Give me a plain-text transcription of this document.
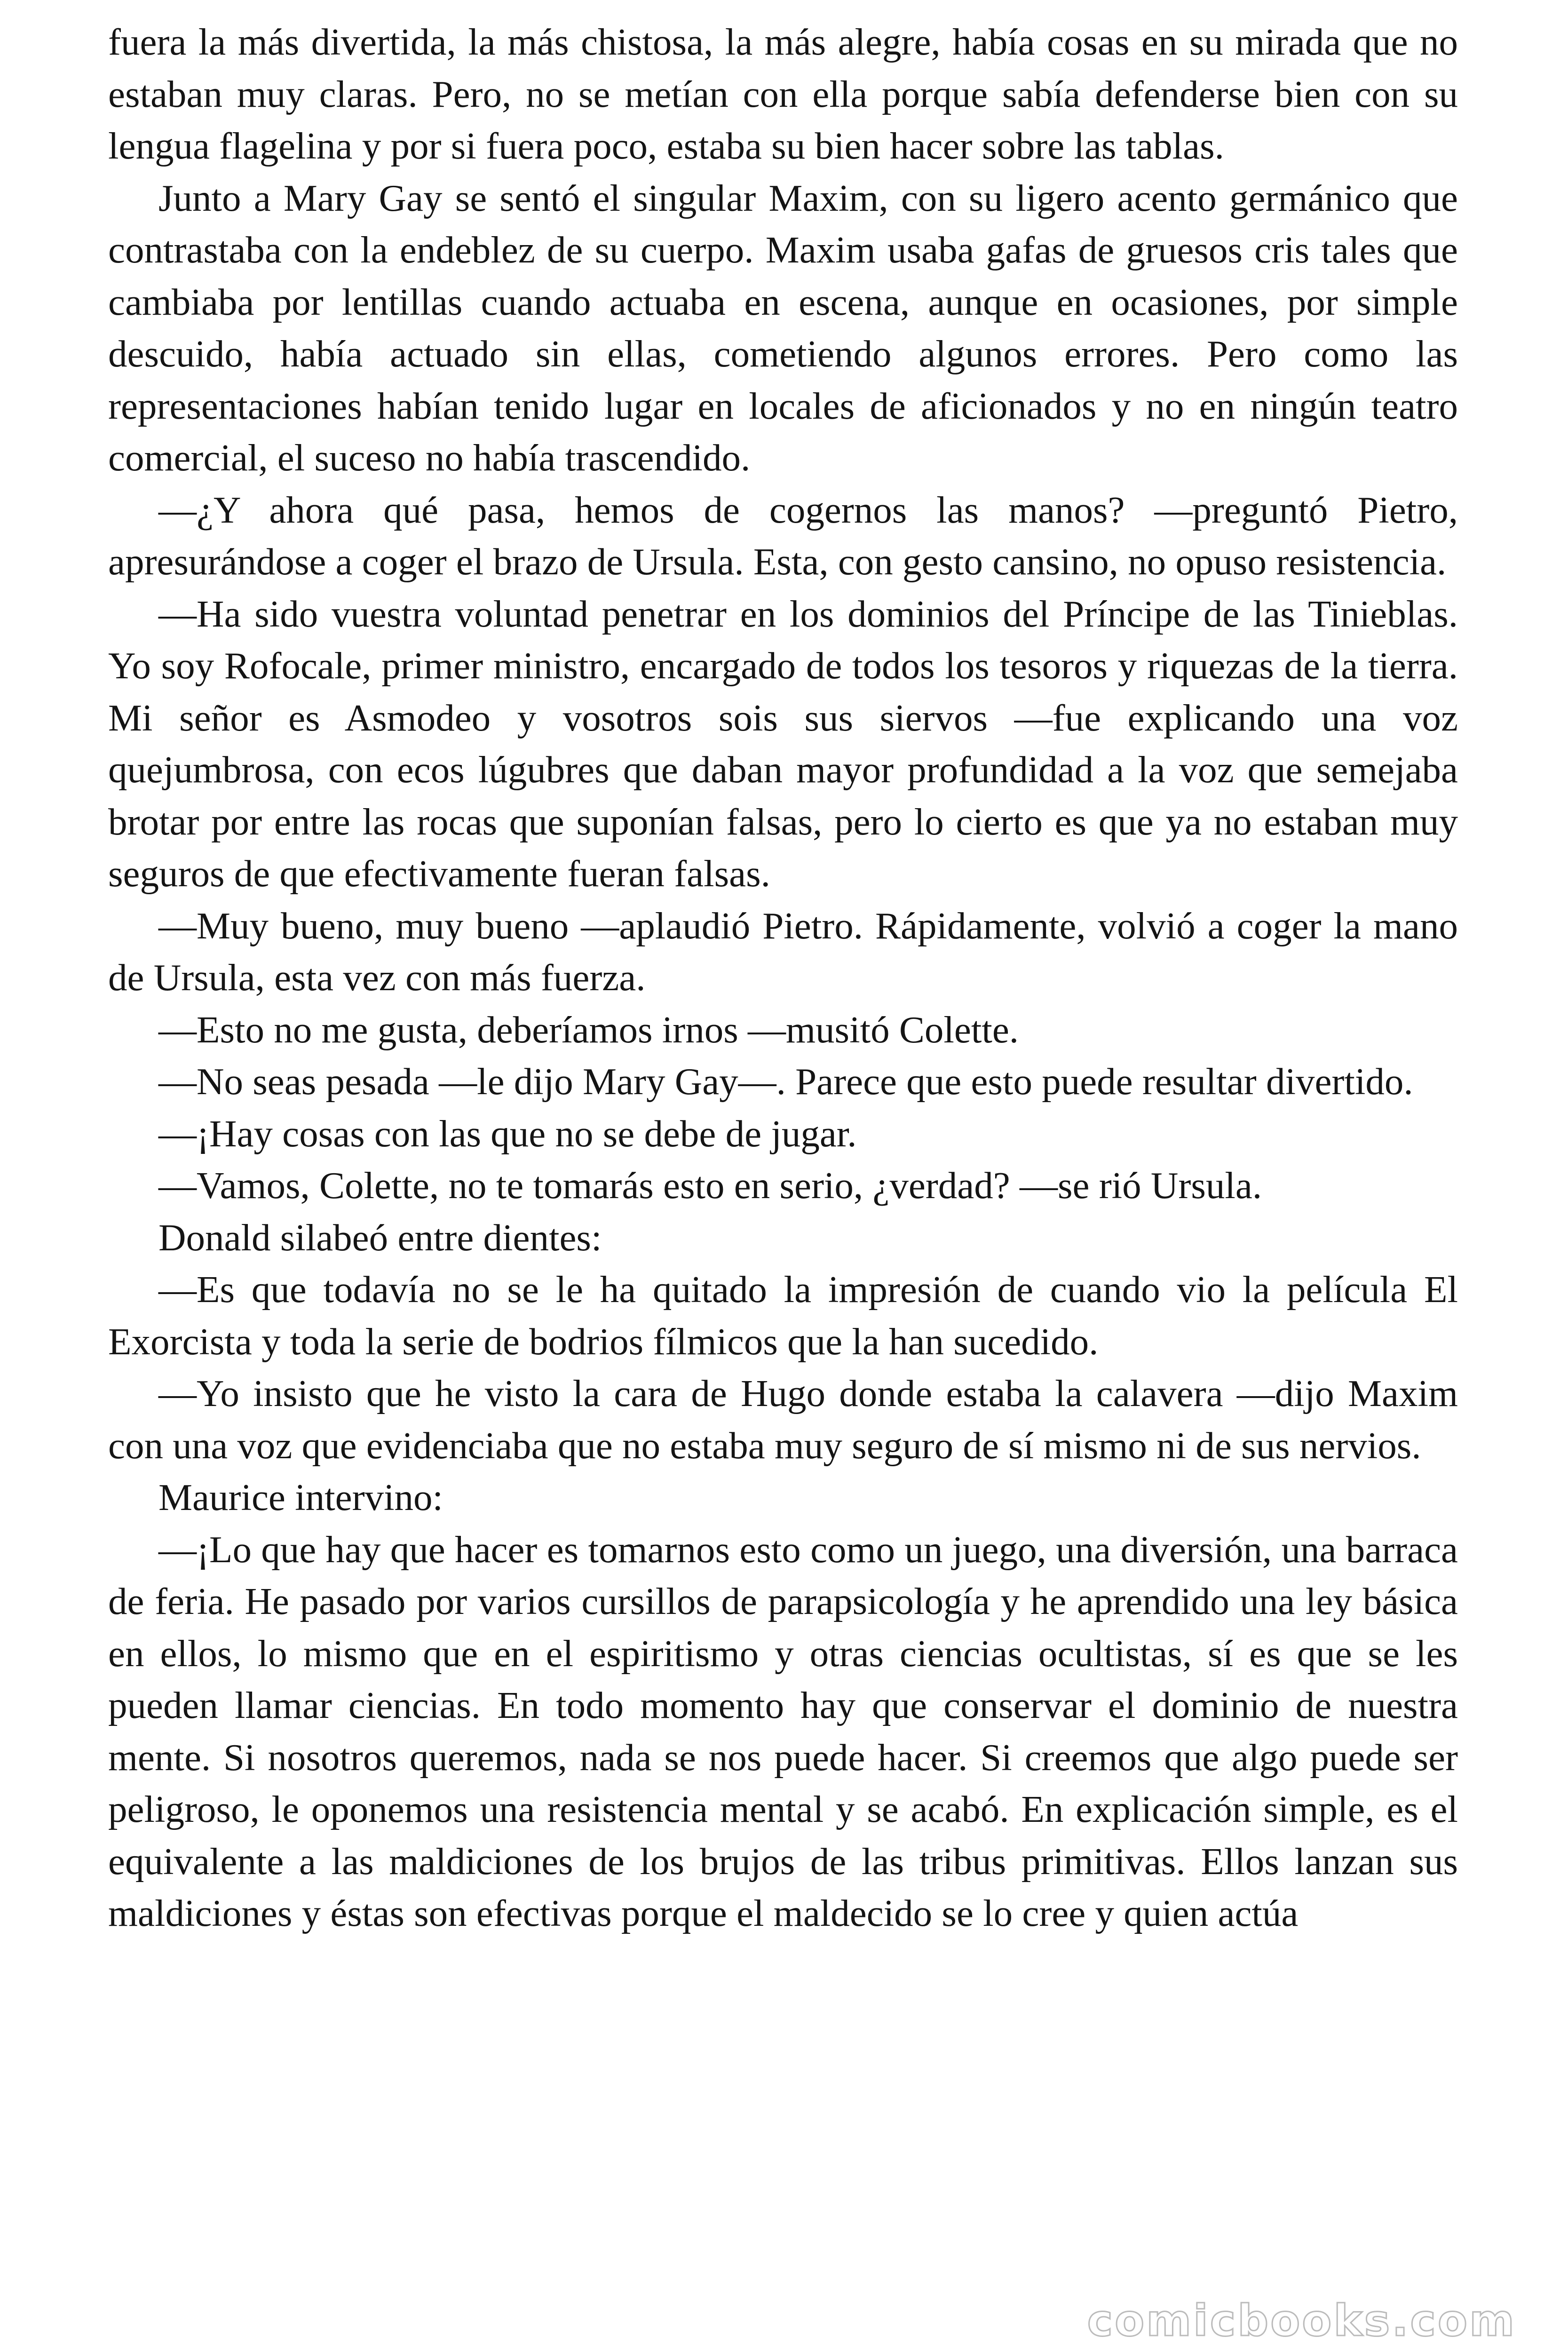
fuera la más divertida, la más chistosa, la más alegre, había cosas en su mirada que no estaban muy claras. Pero, no se metían con ella porque sabía defenderse bien con su lengua flagelina y por si fuera poco, estaba su bien hacer sobre las tablas.

Junto a Mary Gay se sentó el singular Maxim, con su ligero acento germánico que contrastaba con la endeblez de su cuerpo. Maxim usaba gafas de gruesos cris tales que cambiaba por lentillas cuando actuaba en escena, aunque en ocasiones, por simple descuido, había actuado sin ellas, cometiendo algunos errores. Pero como las representaciones habían tenido lugar en locales de aficionados y no en ningún teatro comercial, el suceso no había trascendido.

—¿Y ahora qué pasa, hemos de cogernos las manos? —preguntó Pietro, apresurándose a coger el brazo de Ursula. Esta, con gesto cansino, no opuso resistencia.

—Ha sido vuestra voluntad penetrar en los dominios del Príncipe de las Tinieblas. Yo soy Rofocale, primer ministro, encargado de todos los tesoros y riquezas de la tierra. Mi señor es Asmodeo y vosotros sois sus siervos —fue explicando una voz quejumbrosa, con ecos lúgubres que daban mayor profundidad a la voz que semejaba brotar por entre las rocas que suponían falsas, pero lo cierto es que ya no estaban muy seguros de que efectivamente fueran falsas.

—Muy bueno, muy bueno —aplaudió Pietro. Rápidamente, volvió a coger la mano de Ursula, esta vez con más fuerza.

—Esto no me gusta, deberíamos irnos —musitó Colette.

—No seas pesada —le dijo Mary Gay—. Parece que esto puede resultar divertido.

—¡Hay cosas con las que no se debe de jugar.

—Vamos, Colette, no te tomarás esto en serio, ¿verdad? —se rió Ursula.

Donald silabeó entre dientes:

—Es que todavía no se le ha quitado la impresión de cuando vio la película El Exorcista y toda la serie de bodrios fílmicos que la han sucedido.

—Yo insisto que he visto la cara de Hugo donde estaba la calavera —dijo Maxim con una voz que evidenciaba que no estaba muy seguro de sí mismo ni de sus nervios.

Maurice intervino:

—¡Lo que hay que hacer es tomarnos esto como un juego, una diversión, una barraca de feria. He pasado por varios cursillos de parapsicología y he aprendido una ley básica en ellos, lo mismo que en el espiritismo y otras ciencias ocultistas, sí es que se les pueden llamar ciencias. En todo momento hay que conservar el dominio de nuestra mente. Si nosotros queremos, nada se nos puede hacer. Si creemos que algo puede ser peligroso, le oponemos una resistencia mental y se acabó. En explicación simple, es el equivalente a las maldiciones de los brujos de las tribus primitivas. Ellos lanzan sus maldiciones y éstas son efectivas porque el maldecido se lo cree y quien actúa

comicbooks.com
